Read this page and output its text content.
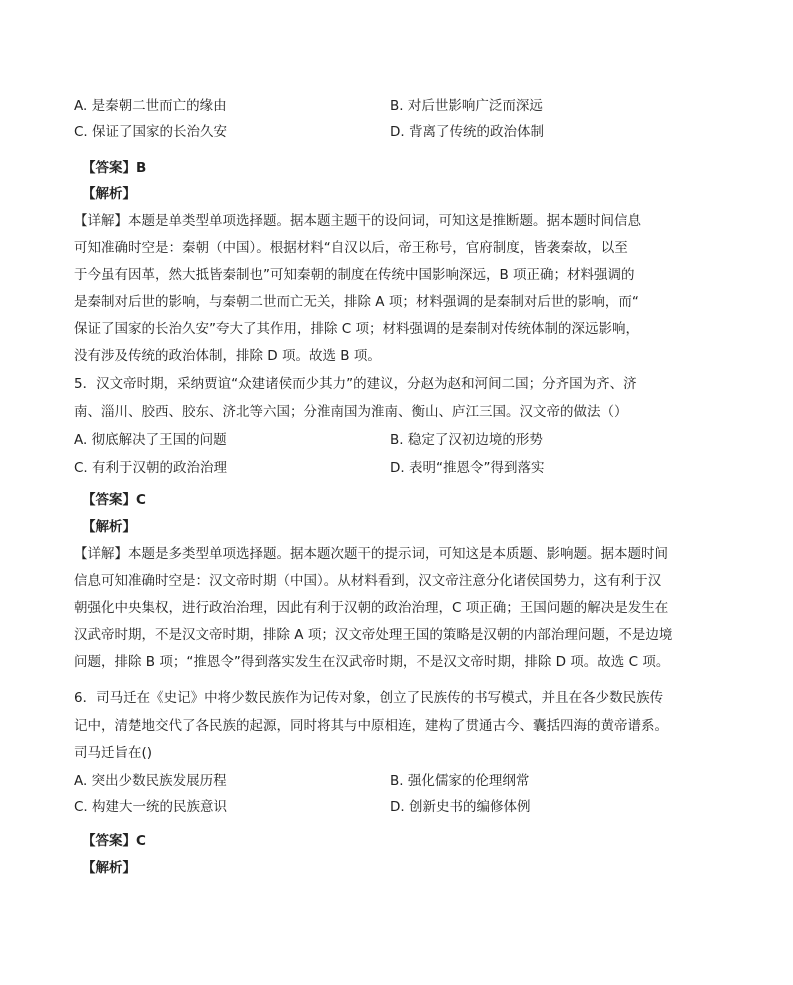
A. 是秦朝二世而亡的缘由	B. 对后世影响广泛而深远
C. 保证了国家的长治久安	D. 背离了传统的政治体制
【答案】B
【解析】
【详解】本题是单类型单项选择题。据本题主题干的设问词，可知这是推断题。据本题时间信息
可知准确时空是：秦朝（中国）。根据材料“自汉以后，帝王称号，官府制度，皆袭秦故，以至
于今虽有因革，然大抵皆秦制也”可知秦朝的制度在传统中国影响深远，B 项正确；材料强调的
是秦制对后世的影响，与秦朝二世而亡无关，排除 A 项；材料强调的是秦制对后世的影响，而“
保证了国家的长治久安”夸大了其作用，排除 C 项；材料强调的是秦制对传统体制的深远影响，
没有涉及传统的政治体制，排除 D 项。故选 B 项。
5．汉文帝时期，采纳贾谊“众建诸侯而少其力”的建议，分赵为赵和河间二国；分齐国为齐、济
南、淄川、胶西、胶东、济北等六国；分淮南国为淮南、衡山、庐江三国。汉文帝的做法（）
A. 彻底解决了王国的问题	B. 稳定了汉初边境的形势
C. 有利于汉朝的政治治理	D. 表明“推恩令”得到落实
【答案】C
【解析】
【详解】本题是多类型单项选择题。据本题次题干的提示词，可知这是本质题、影响题。据本题时间
信息可知准确时空是：汉文帝时期（中国）。从材料看到，汉文帝注意分化诸侯国势力，这有利于汉
朝强化中央集权，进行政治治理，因此有利于汉朝的政治治理，C 项正确；王国问题的解决是发生在
汉武帝时期，不是汉文帝时期，排除 A 项；汉文帝处理王国的策略是汉朝的内部治理问题，不是边境
问题，排除 B 项；“推恩令”得到落实发生在汉武帝时期，不是汉文帝时期，排除 D 项。故选 C 项。
6．司马迁在《史记》中将少数民族作为记传对象，创立了民族传的书写模式，并且在各少数民族传
记中，清楚地交代了各民族的起源，同时将其与中原相连，建构了贯通古今、囊括四海的黄帝谱系。
司马迁旨在()
A. 突出少数民族发展历程	B. 强化儒家的伦理纲常
C. 构建大一统的民族意识	D. 创新史书的编修体例
【答案】C
【解析】
